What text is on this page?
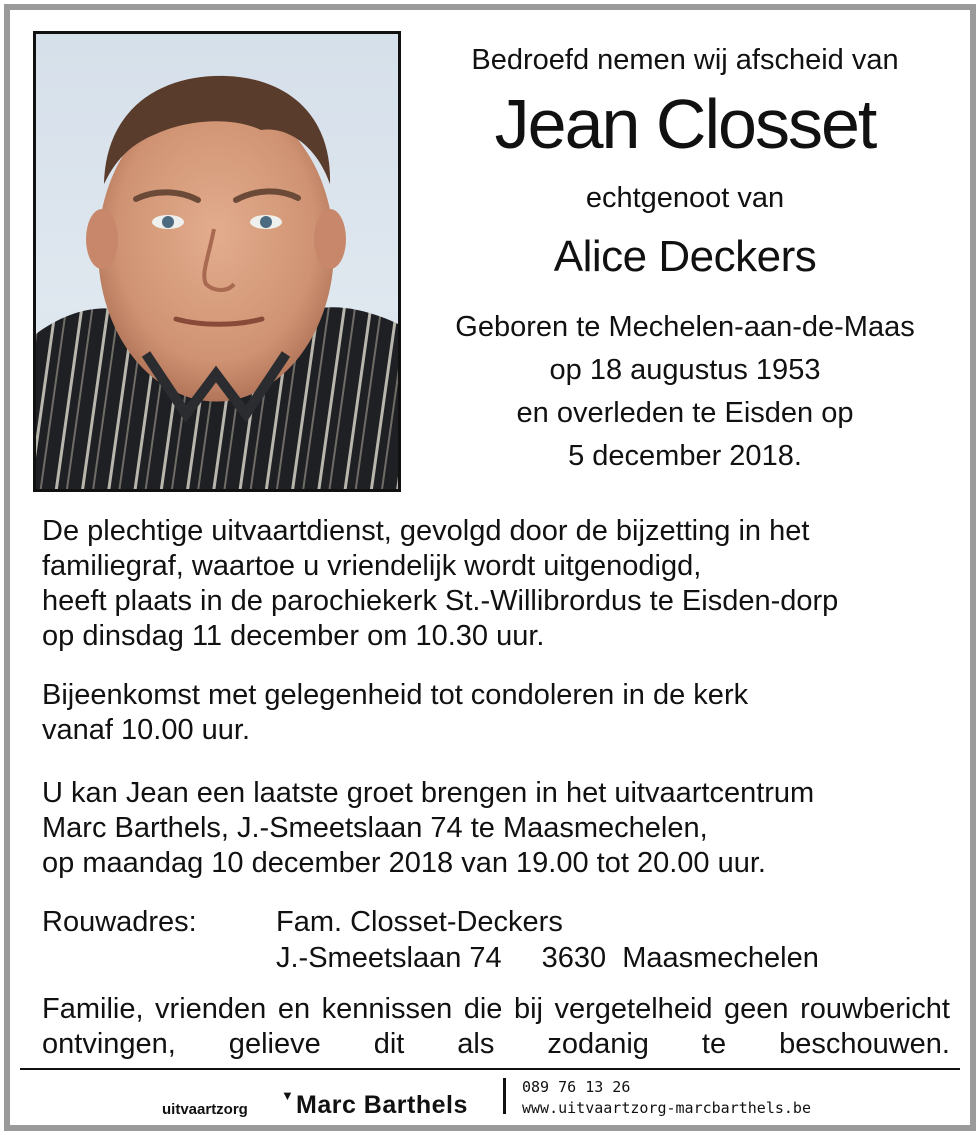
Bedroefd nemen wij afscheid van
Jean Closset
echtgenoot van
Alice Deckers
Geboren te Mechelen-aan-de-Maas
op 18 augustus 1953
en overleden te Eisden op
5 december 2018.
De plechtige uitvaartdienst, gevolgd door de bijzetting in het
familiegraf, waartoe u vriendelijk wordt uitgenodigd,
heeft plaats in de parochiekerk St.-Willibrordus te Eisden-dorp
op dinsdag 11 december om 10.30 uur.
Bijeenkomst met gelegenheid tot condoleren in de kerk
vanaf 10.00 uur.
U kan Jean een laatste groet brengen in het uitvaartcentrum
Marc Barthels, J.-Smeetslaan 74 te Maasmechelen,
op maandag 10 december 2018 van 19.00 tot 20.00 uur.
Rouwadres:	Fam. Closset-Deckers
J.-Smeetslaan 74 3630 Maasmechelen
Familie, vrienden en kennissen die bij vergetelheid geen rouwbericht ontvingen, gelieve dit als zodanig te beschouwen.
uitvaartzorg
▼ Marc Barthels
089 76 13 26
www.uitvaartzorg-marcbarthels.be
